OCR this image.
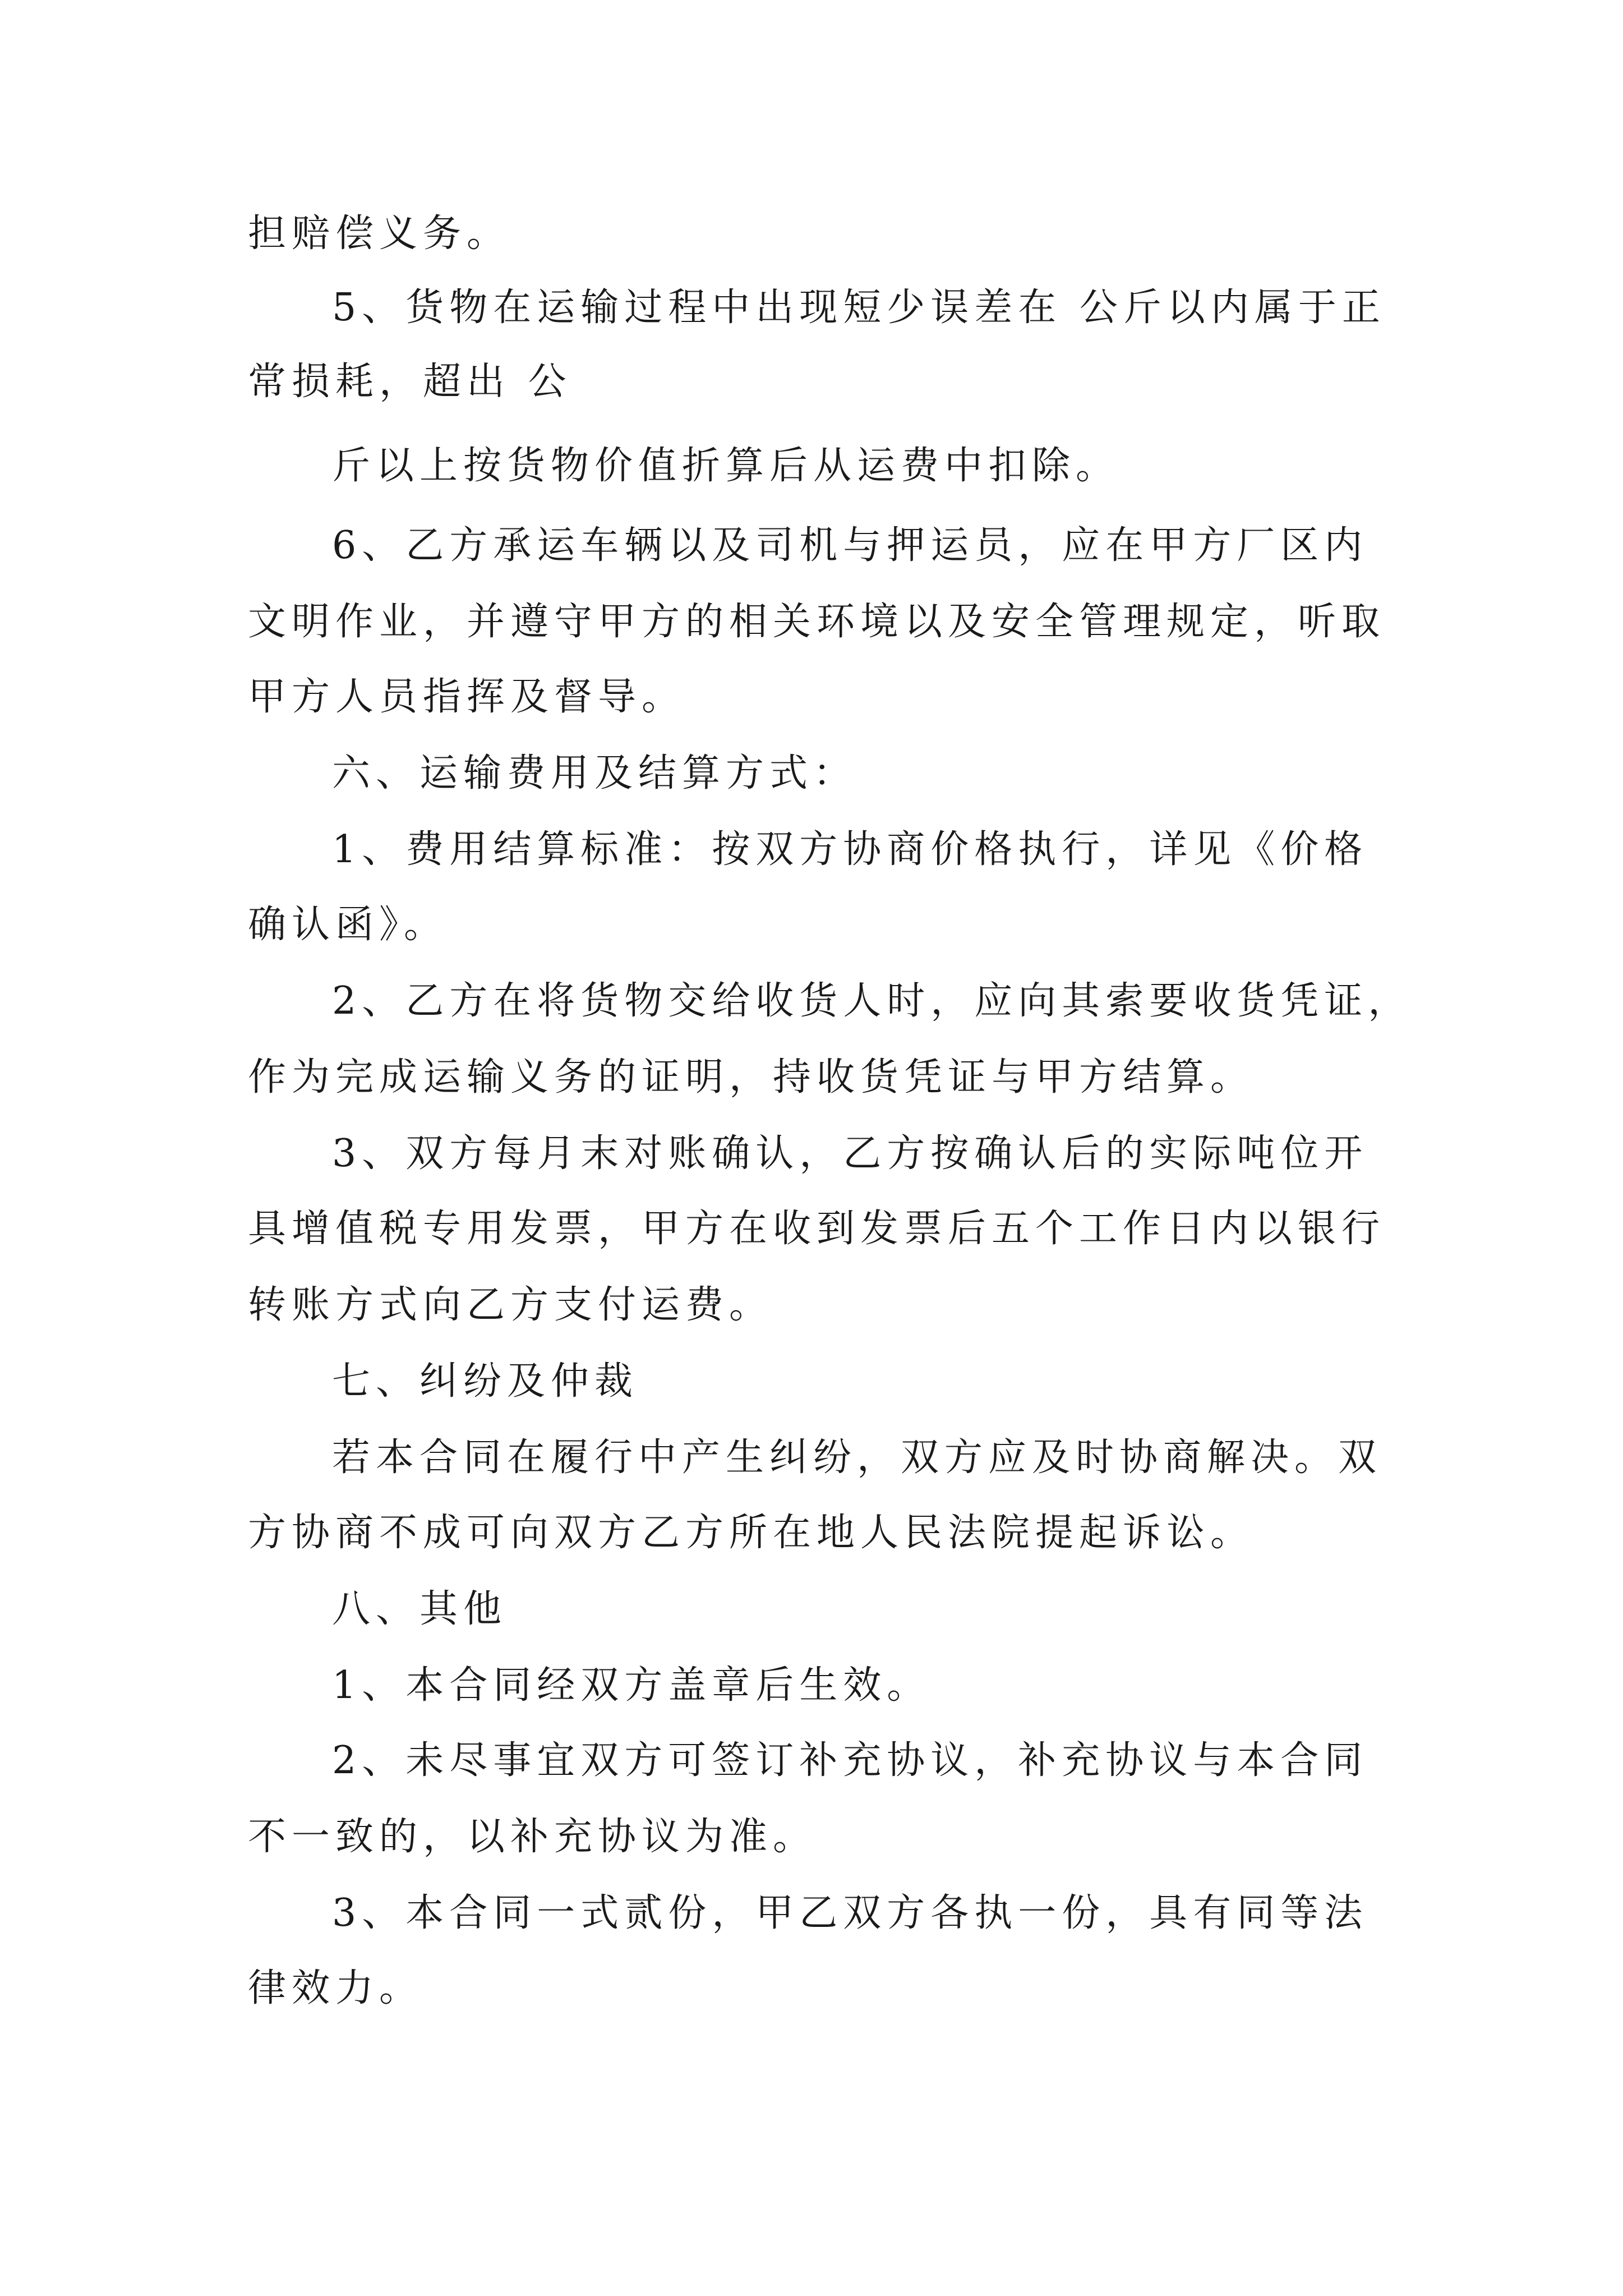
担赔偿义务。
5、货物在运输过程中出现短少误差在 公斤以内属于正
常损耗，超出 公
斤以上按货物价值折算后从运费中扣除。
6、乙方承运车辆以及司机与押运员，应在甲方厂区内
文明作业，并遵守甲方的相关环境以及安全管理规定，听取
甲方人员指挥及督导。
六、运输费用及结算方式：
1、费用结算标准：按双方协商价格执行，详见《价格
确认函》。
2、乙方在将货物交给收货人时，应向其索要收货凭证，
作为完成运输义务的证明，持收货凭证与甲方结算。
3、双方每月末对账确认，乙方按确认后的实际吨位开
具增值税专用发票，甲方在收到发票后五个工作日内以银行
转账方式向乙方支付运费。
七、纠纷及仲裁
若本合同在履行中产生纠纷，双方应及时协商解决。双
方协商不成可向双方乙方所在地人民法院提起诉讼。
八、其他
1、本合同经双方盖章后生效。
2、未尽事宜双方可签订补充协议，补充协议与本合同
不一致的，以补充协议为准。
3、本合同一式贰份，甲乙双方各执一份，具有同等法
律效力。
